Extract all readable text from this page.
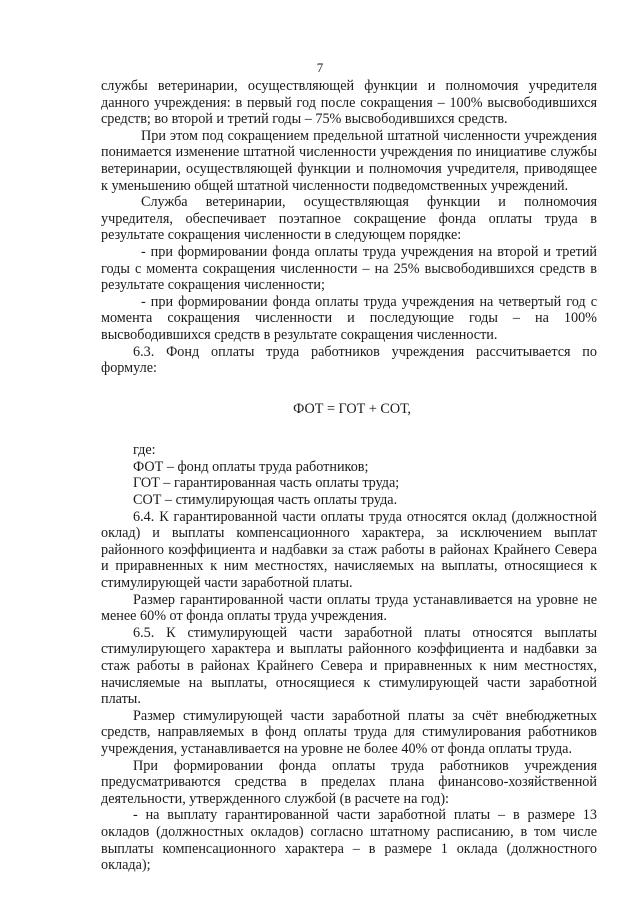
7

службы ветеринарии, осуществляющей функции и полномочия учредителя данного учреждения: в первый год после сокращения – 100% высвободившихся средств; во второй и третий годы – 75% высвободившихся средств.

При этом под сокращением предельной штатной численности учреждения понимается изменение штатной численности учреждения по инициативе службы ветеринарии, осуществляющей функции и полномочия учредителя, приводящее к уменьшению общей штатной численности подведомственных учреждений.

Служба ветеринарии, осуществляющая функции и полномочия учредителя, обеспечивает поэтапное сокращение фонда оплаты труда в результате сокращения численности в следующем порядке:

- при формировании фонда оплаты труда учреждения на второй и третий годы с момента сокращения численности – на 25% высвободившихся средств в результате сокращения численности;

- при формировании фонда оплаты труда учреждения на четвертый год с момента сокращения численности и последующие годы – на 100% высвободившихся средств в результате сокращения численности.

6.3. Фонд оплаты труда работников учреждения рассчитывается по формуле:

ФОТ = ГОТ + СОТ,

где:

ФОТ – фонд оплаты труда работников;

ГОТ – гарантированная часть оплаты труда;

СОТ – стимулирующая часть оплаты труда.

6.4. К гарантированной части оплаты труда относятся оклад (должностной оклад) и выплаты компенсационного характера, за исключением выплат районного коэффициента и надбавки за стаж работы в районах Крайнего Севера и приравненных к ним местностях, начисляемых на выплаты, относящиеся к стимулирующей части заработной платы.

Размер гарантированной части оплаты труда устанавливается на уровне не менее 60% от фонда оплаты труда учреждения.

6.5. К стимулирующей части заработной платы относятся выплаты стимулирующего характера и выплаты районного коэффициента и надбавки за стаж работы в районах Крайнего Севера и приравненных к ним местностях, начисляемые на выплаты, относящиеся к стимулирующей части заработной платы.

Размер стимулирующей части заработной платы за счёт внебюджетных средств, направляемых в фонд оплаты труда для стимулирования работников учреждения, устанавливается на уровне не более 40% от фонда оплаты труда.

При формировании фонда оплаты труда работников учреждения предусматриваются средства в пределах плана финансово-хозяйственной деятельности, утвержденного службой (в расчете на год):

- на выплату гарантированной части заработной платы – в размере 13 окладов (должностных окладов) согласно штатному расписанию, в том числе выплаты компенсационного характера – в размере 1 оклада (должностного оклада);
